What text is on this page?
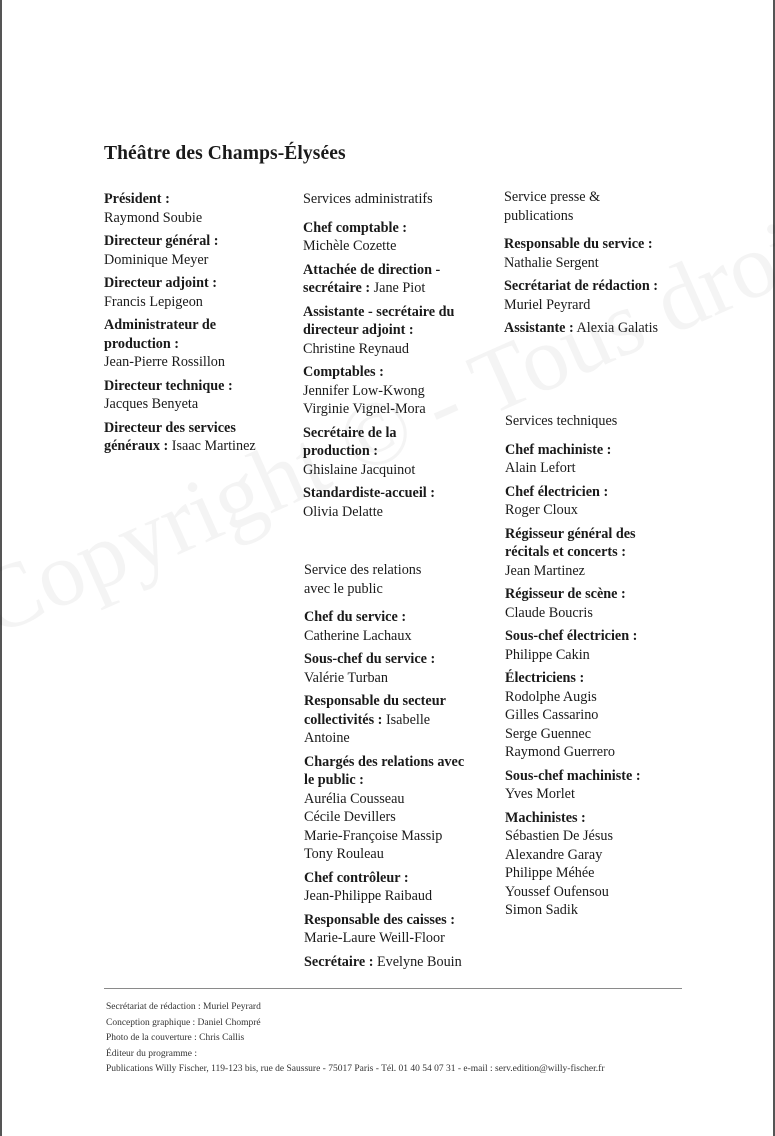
Théâtre des Champs-Élysées
Président :
Raymond Soubie
Directeur général :
Dominique Meyer
Directeur adjoint :
Francis Lepigeon
Administrateur de
production :
Jean-Pierre Rossillon
Directeur technique :
Jacques Benyeta
Directeur des services
généraux : Isaac Martinez
Services administratifs
Chef comptable :
Michèle Cozette
Attachée de direction -
secrétaire : Jane Piot
Assistante - secrétaire du
directeur adjoint :
Christine Reynaud
Comptables :
Jennifer Low-Kwong
Virginie Vignel-Mora
Secrétaire de la
production :
Ghislaine Jacquinot
Standardiste-accueil :
Olivia Delatte
Service des relations
avec le public
Chef du service :
Catherine Lachaux
Sous-chef du service :
Valérie Turban
Responsable du secteur
collectivités : Isabelle
Antoine
Chargés des relations avec
le public :
Aurélia Cousseau
Cécile Devillers
Marie-Françoise Massip
Tony Rouleau
Chef contrôleur :
Jean-Philippe Raibaud
Responsable des caisses :
Marie-Laure Weill-Floor
Secrétaire : Evelyne Bouin
Service presse &
publications
Responsable du service :
Nathalie Sergent
Secrétariat de rédaction :
Muriel Peyrard
Assistante : Alexia Galatis
Services techniques
Chef machiniste :
Alain Lefort
Chef électricien :
Roger Cloux
Régisseur général des
récitals et concerts :
Jean Martinez
Régisseur de scène :
Claude Boucris
Sous-chef électricien :
Philippe Cakin
Électriciens :
Rodolphe Augis
Gilles Cassarino
Serge Guennec
Raymond Guerrero
Sous-chef machiniste :
Yves Morlet
Machinistes :
Sébastien De Jésus
Alexandre Garay
Philippe Méhée
Youssef Oufensou
Simon Sadik
Secrétariat de rédaction : Muriel Peyrard
Conception graphique : Daniel Chompré
Photo de la couverture : Chris Callis
Éditeur du programme :
Publications Willy Fischer, 119-123 bis, rue de Saussure - 75017 Paris - Tél. 01 40 54 07 31 - e-mail : serv.edition@willy-fischer.fr
